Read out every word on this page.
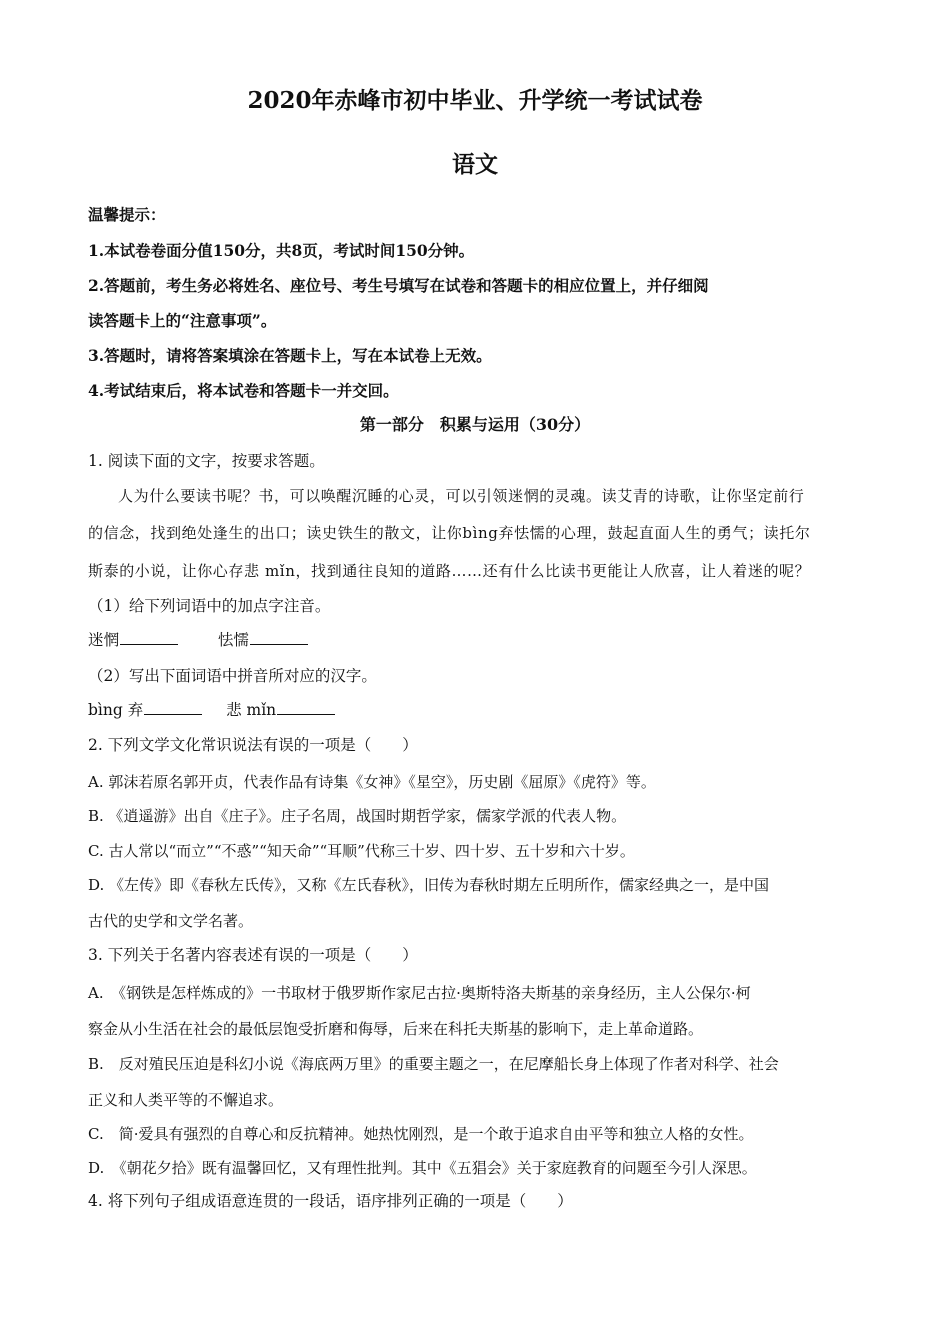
2020年赤峰市初中毕业、升学统一考试试卷
语文
温馨提示：
1.本试卷卷面分值150分，共8页，考试时间150分钟。
2.答题前，考生务必将姓名、座位号、考生号填写在试卷和答题卡的相应位置上，并仔细阅
读答题卡上的“注意事项”。
3.答题时，请将答案填涂在答题卡上，写在本试卷上无效。
4.考试结束后，将本试卷和答题卡一并交回。
第一部分　积累与运用（30分）
1. 阅读下面的文字，按要求答题。
人为什么要读书呢？书，可以唤醒沉睡的心灵，可以引领迷惘的灵魂。读艾青的诗歌，让你坚定前行
的信念，找到绝处逢生的出口；读史铁生的散文，让你bìng弃怯懦的心理，鼓起直面人生的勇气；读托尔
斯泰的小说，让你心存悲 mǐn，找到通往良知的道路……还有什么比读书更能让人欣喜，让人着迷的呢？
（1）给下列词语中的加点字注音。
迷惘	怯懦
（2）写出下面词语中拼音所对应的汉字。
bìng 弃	悲 mǐn
2. 下列文学文化常识说法有误的一项是（　　）
A. 郭沫若原名郭开贞，代表作品有诗集《女神》《星空》，历史剧《屈原》《虎符》等。
B. 《逍遥游》出自《庄子》。庄子名周，战国时期哲学家，儒家学派的代表人物。
C. 古人常以“而立”“不惑”“知天命”“耳顺”代称三十岁、四十岁、五十岁和六十岁。
D. 《左传》即《春秋左氏传》，又称《左氏春秋》，旧传为春秋时期左丘明所作，儒家经典之一，是中国
古代的史学和文学名著。
3. 下列关于名著内容表述有误的一项是（　　）
A.　《钢铁是怎样炼成的》一书取材于俄罗斯作家尼古拉·奥斯特洛夫斯基的亲身经历，主人公保尔·柯
察金从小生活在社会的最低层饱受折磨和侮辱，后来在科托夫斯基的影响下，走上革命道路。
B.　反对殖民压迫是科幻小说《海底两万里》的重要主题之一，在尼摩船长身上体现了作者对科学、社会
正义和人类平等的不懈追求。
C.　简·爱具有强烈的自尊心和反抗精神。她热忱刚烈，是一个敢于追求自由平等和独立人格的女性。
D.　《朝花夕拾》既有温馨回忆，又有理性批判。其中《五猖会》关于家庭教育的问题至今引人深思。
4. 将下列句子组成语意连贯的一段话，语序排列正确的一项是（　　）
